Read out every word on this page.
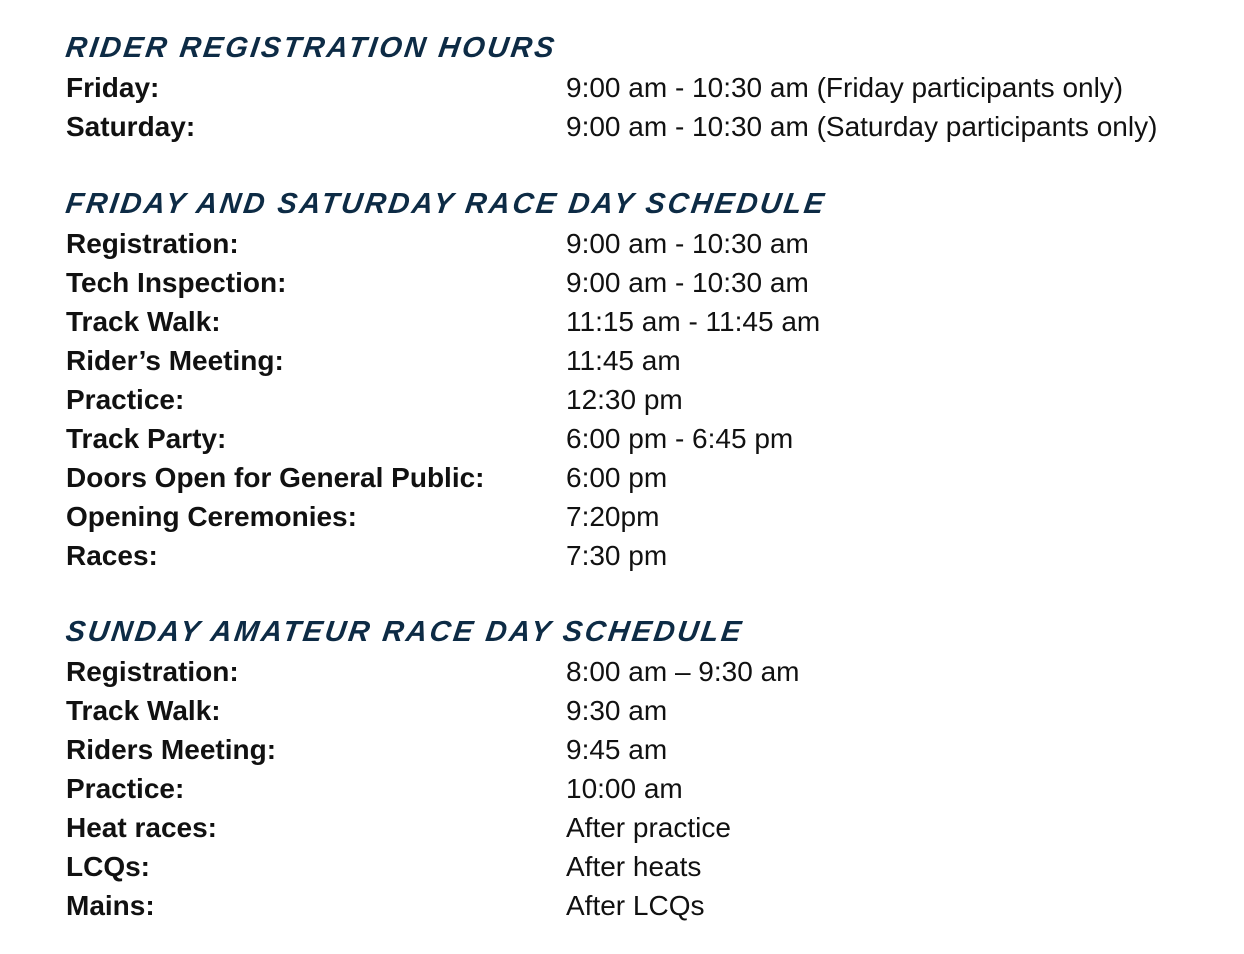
RIDER REGISTRATION HOURS
Friday:	9:00 am - 10:30 am (Friday participants only)
Saturday:	9:00 am - 10:30 am (Saturday participants only)
FRIDAY AND SATURDAY RACE DAY SCHEDULE
Registration:	9:00 am - 10:30 am
Tech Inspection:	9:00 am - 10:30 am
Track Walk:	11:15 am - 11:45 am
Rider’s Meeting:	11:45 am
Practice:	12:30 pm
Track Party:	6:00 pm - 6:45 pm
Doors Open for General Public:	6:00 pm
Opening Ceremonies:	7:20pm
Races:	7:30 pm
SUNDAY AMATEUR RACE DAY SCHEDULE
Registration:	8:00 am – 9:30 am
Track Walk:	9:30 am
Riders Meeting:	9:45 am
Practice:	10:00 am
Heat races:	After practice
LCQs:	After heats
Mains:	After LCQs
